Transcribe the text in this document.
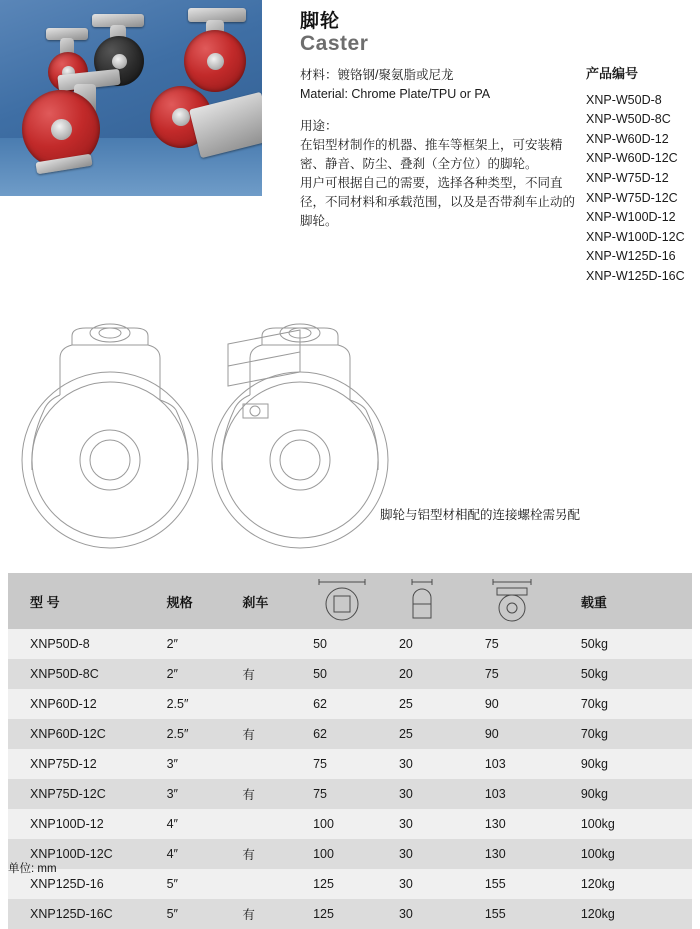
脚轮
Caster
材料：镀铬钢/聚氨脂或尼龙
Material: Chrome Plate/TPU or PA
用途：
在铝型材制作的机器、推车等框架上，可安装精密、静音、防尘、叠刹（全方位）的脚轮。
用户可根据自己的需要，选择各种类型，不同直径，不同材料和承载范围，以及是否带刹车止动的脚轮。
产品编号
XNP-W50D-8
XNP-W50D-8C
XNP-W60D-12
XNP-W60D-12C
XNP-W75D-12
XNP-W75D-12C
XNP-W100D-12
XNP-W100D-12C
XNP-W125D-16
XNP-W125D-16C
脚轮与铝型材相配的连接螺栓需另配
型 号	规格	刹车				载重
XNP50D-8	2″		50	20	75	50kg
XNP50D-8C	2″	有	50	20	75	50kg
XNP60D-12	2.5″		62	25	90	70kg
XNP60D-12C	2.5″	有	62	25	90	70kg
XNP75D-12	3″		75	30	103	90kg
XNP75D-12C	3″	有	75	30	103	90kg
XNP100D-12	4″		100	30	130	100kg
XNP100D-12C	4″	有	100	30	130	100kg
XNP125D-16	5″		125	30	155	120kg
XNP125D-16C	5″	有	125	30	155	120kg
单位: mm
